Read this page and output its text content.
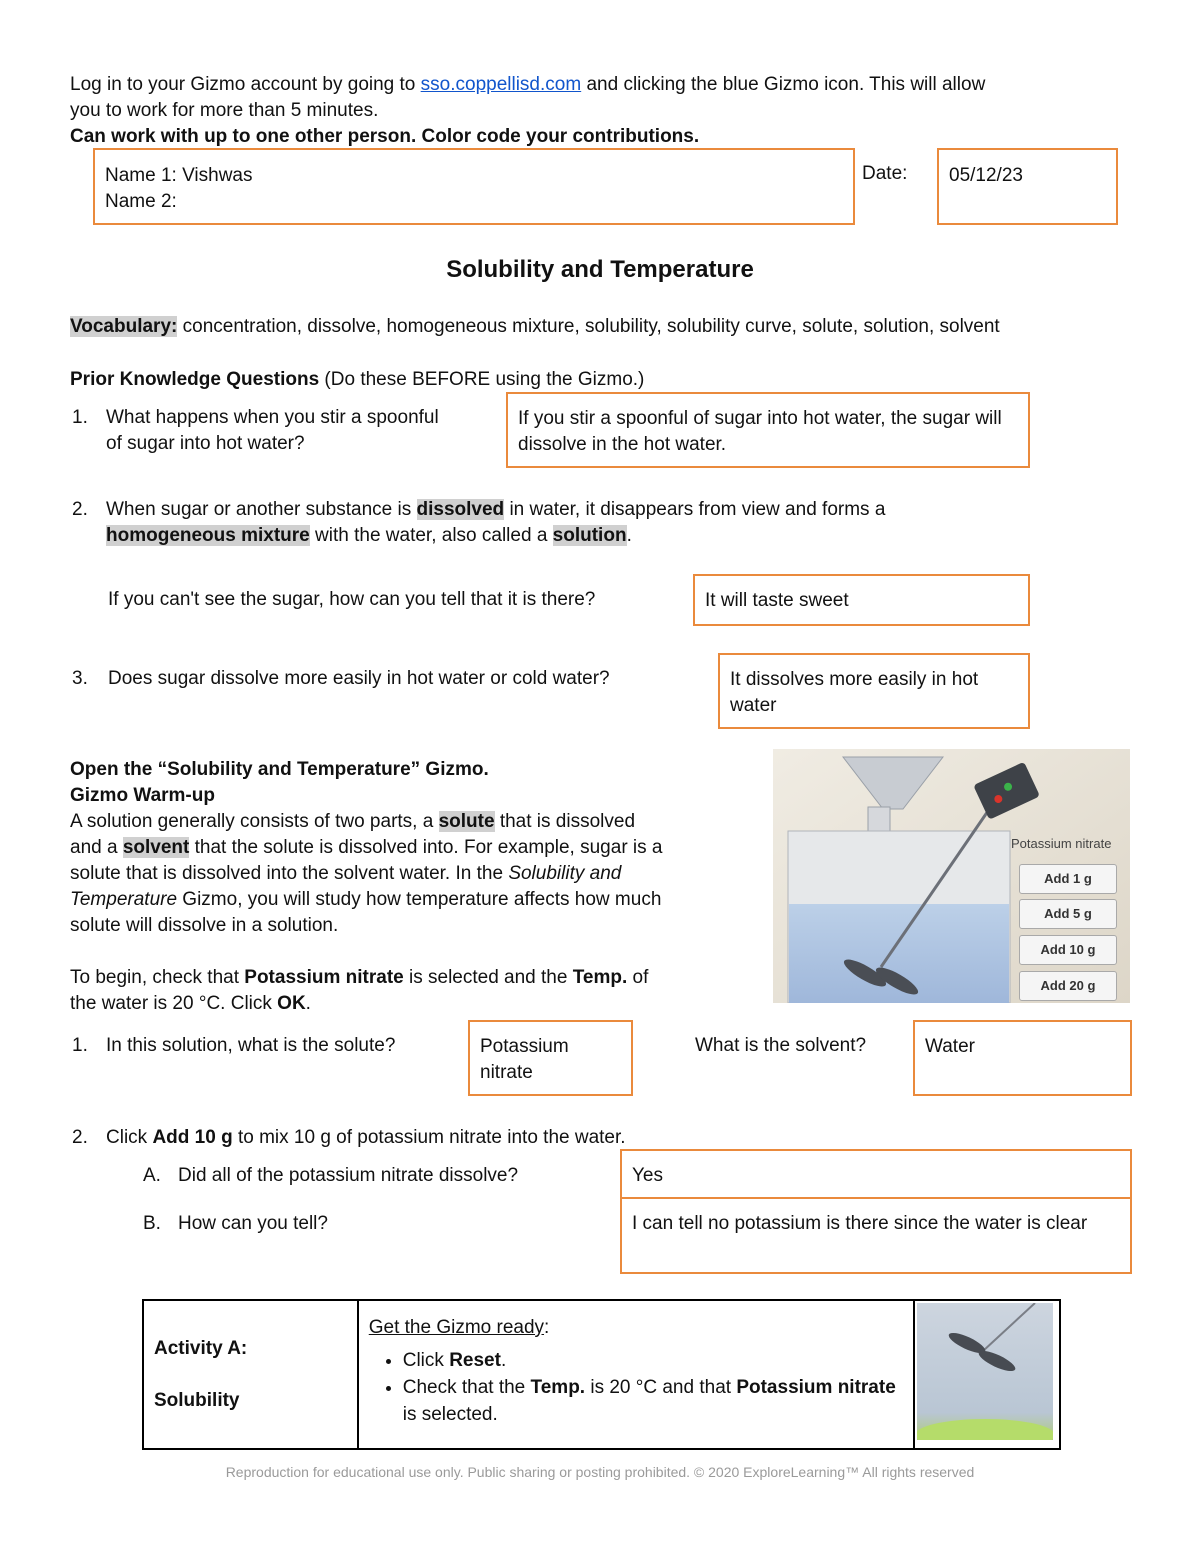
Log in to your Gizmo account by going to sso.coppellisd.com and clicking the blue Gizmo icon. This will allow
you to work for more than 5 minutes.
Can work with up to one other person. Color code your contributions.
Name 1: Vishwas
Name 2:
Date:	05/12/23
Solubility and Temperature
Vocabulary: concentration, dissolve, homogeneous mixture, solubility, solubility curve, solute, solution, solvent
Prior Knowledge Questions (Do these BEFORE using the Gizmo.)
1. What happens when you stir a spoonful
of sugar into hot water?
If you stir a spoonful of sugar into hot water, the sugar will dissolve in the hot water.
2. When sugar or another substance is dissolved in water, it disappears from view and forms a
homogeneous mixture with the water, also called a solution.
If you can't see the sugar, how can you tell that it is there?	It will taste sweet
3. Does sugar dissolve more easily in hot water or cold water?	It dissolves more easily in hot water
Open the “Solubility and Temperature” Gizmo.
Gizmo Warm-up
A solution generally consists of two parts, a solute that is dissolved
and a solvent that the solute is dissolved into. For example, sugar is a
solute that is dissolved into the solvent water. In the Solubility and
Temperature Gizmo, you will study how temperature affects how much
solute will dissolve in a solution.
To begin, check that Potassium nitrate is selected and the Temp. of
the water is 20 °C. Click OK.
Potassium nitrate
Add 1 g
Add 5 g
Add 10 g
Add 20 g
1. In this solution, what is the solute?	Potassium nitrate
What is the solvent?	Water
2. Click Add 10 g to mix 10 g of potassium nitrate into the water.
A. Did all of the potassium nitrate dissolve?	Yes
B. How can you tell?	I can tell no potassium is there since the water is clear
Activity A:
Solubility

Get the Gizmo ready:
• Click Reset.
• Check that the Temp. is 20 °C and that Potassium nitrate is selected.

Reproduction for educational use only. Public sharing or posting prohibited. © 2020 ExploreLearning™ All rights reserved
